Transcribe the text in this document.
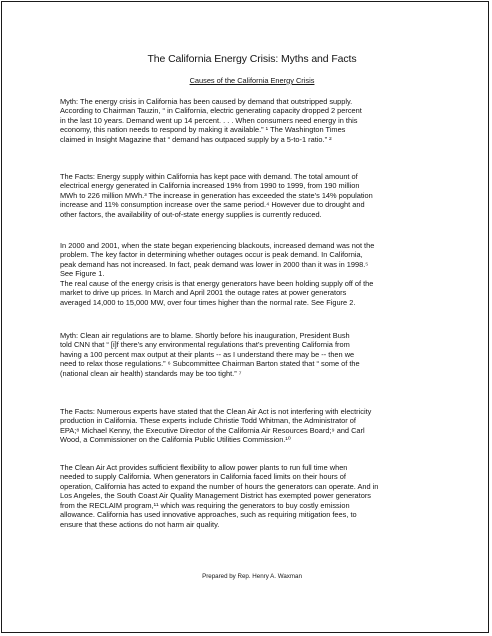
The California Energy Crisis: Myths and Facts
Causes of the California Energy Crisis
Myth: The energy crisis in California has been caused by demand that outstripped supply.
According to Chairman Tauzin, “ in California, electric generating capacity dropped 2 percent
in the last 10 years. Demand went up 14 percent. . . . When consumers need energy in this
economy, this nation needs to respond by making it available.” ¹ The Washington Times
claimed in Insight Magazine that “ demand has outpaced supply by a 5-to-1 ratio.” ²
The Facts: Energy supply within California has kept pace with demand. The total amount of
electrical energy generated in California increased 19% from 1990 to 1999, from 190 million
MWh to 226 million MWh.³ The increase in generation has exceeded the state’s 14% population
increase and 11% consumption increase over the same period.⁴ However due to drought and
other factors, the availability of out-of-state energy supplies is currently reduced.
In 2000 and 2001, when the state began experiencing blackouts, increased demand was not the
problem. The key factor in determining whether outages occur is peak demand. In California,
peak demand has not increased. In fact, peak demand was lower in 2000 than it was in 1998.⁵
See Figure 1.
The real cause of the energy crisis is that energy generators have been holding supply off of the
market to drive up prices. In March and April 2001 the outage rates at power generators
averaged 14,000 to 15,000 MW, over four times higher than the normal rate. See Figure 2.
Myth: Clean air regulations are to blame. Shortly before his inauguration, President Bush
told CNN that “ [i]f there’s any environmental regulations that’s preventing California from
having a 100 percent max output at their plants -- as I understand there may be -- then we
need to relax those regulations.” ⁶ Subcommittee Chairman Barton stated that “ some of the
(national clean air health) standards may be too tight.” ⁷
The Facts: Numerous experts have stated that the Clean Air Act is not interfering with electricity
production in California. These experts include Christie Todd Whitman, the Administrator of
EPA;⁸ Michael Kenny, the Executive Director of the California Air Resources Board;⁹ and Carl
Wood, a Commissioner on the California Public Utilities Commission.¹⁰
The Clean Air Act provides sufficient flexibility to allow power plants to run full time when
needed to supply California. When generators in California faced limits on their hours of
operation, California has acted to expand the number of hours the generators can operate. And in
Los Angeles, the South Coast Air Quality Management District has exempted power generators
from the RECLAIM program,¹¹ which was requiring the generators to buy costly emission
allowance. California has used innovative approaches, such as requiring mitigation fees, to
ensure that these actions do not harm air quality.
Prepared by Rep. Henry A. Waxman
